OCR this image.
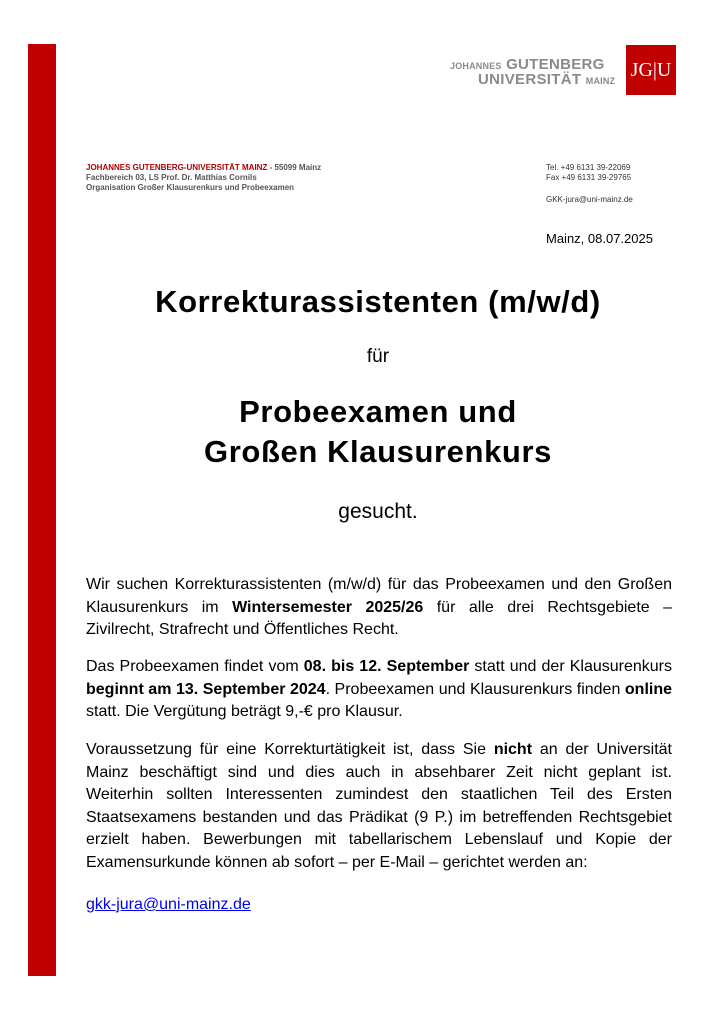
JOHANNES GUTENBERG
UNIVERSITÄT MAINZ JG|U
JOHANNES GUTENBERG-UNIVERSITÄT MAINZ - 55099 Mainz
Fachbereich 03, LS Prof. Dr. Matthias Cornils
Organisation Großer Klausurenkurs und Probeexamen
Tel. +49 6131 39-22069
Fax +49 6131 39-29765
GKK-jura@uni-mainz.de
Mainz, 08.07.2025
Korrekturassistenten (m/w/d)
für
Probeexamen und
Großen Klausurenkurs
gesucht.
Wir suchen Korrekturassistenten (m/w/d) für das Probeexamen und den Großen Klausurenkurs im Wintersemester 2025/26 für alle drei Rechtsgebiete – Zivilrecht, Strafrecht und Öffentliches Recht.
Das Probeexamen findet vom 08. bis 12. September statt und der Klausurenkurs beginnt am 13. September 2024. Probeexamen und Klausurenkurs finden online statt. Die Vergütung beträgt 9,-€ pro Klausur.
Voraussetzung für eine Korrekturtätigkeit ist, dass Sie nicht an der Universität Mainz beschäftigt sind und dies auch in absehbarer Zeit nicht geplant ist. Weiterhin sollten Interessenten zumindest den staatlichen Teil des Ersten Staatsexamens bestanden und das Prädikat (9 P.) im betreffenden Rechtsgebiet erzielt haben. Bewerbungen mit tabellarischem Lebenslauf und Kopie der Examensurkunde können ab sofort – per E-Mail – gerichtet werden an:
gkk-jura@uni-mainz.de
